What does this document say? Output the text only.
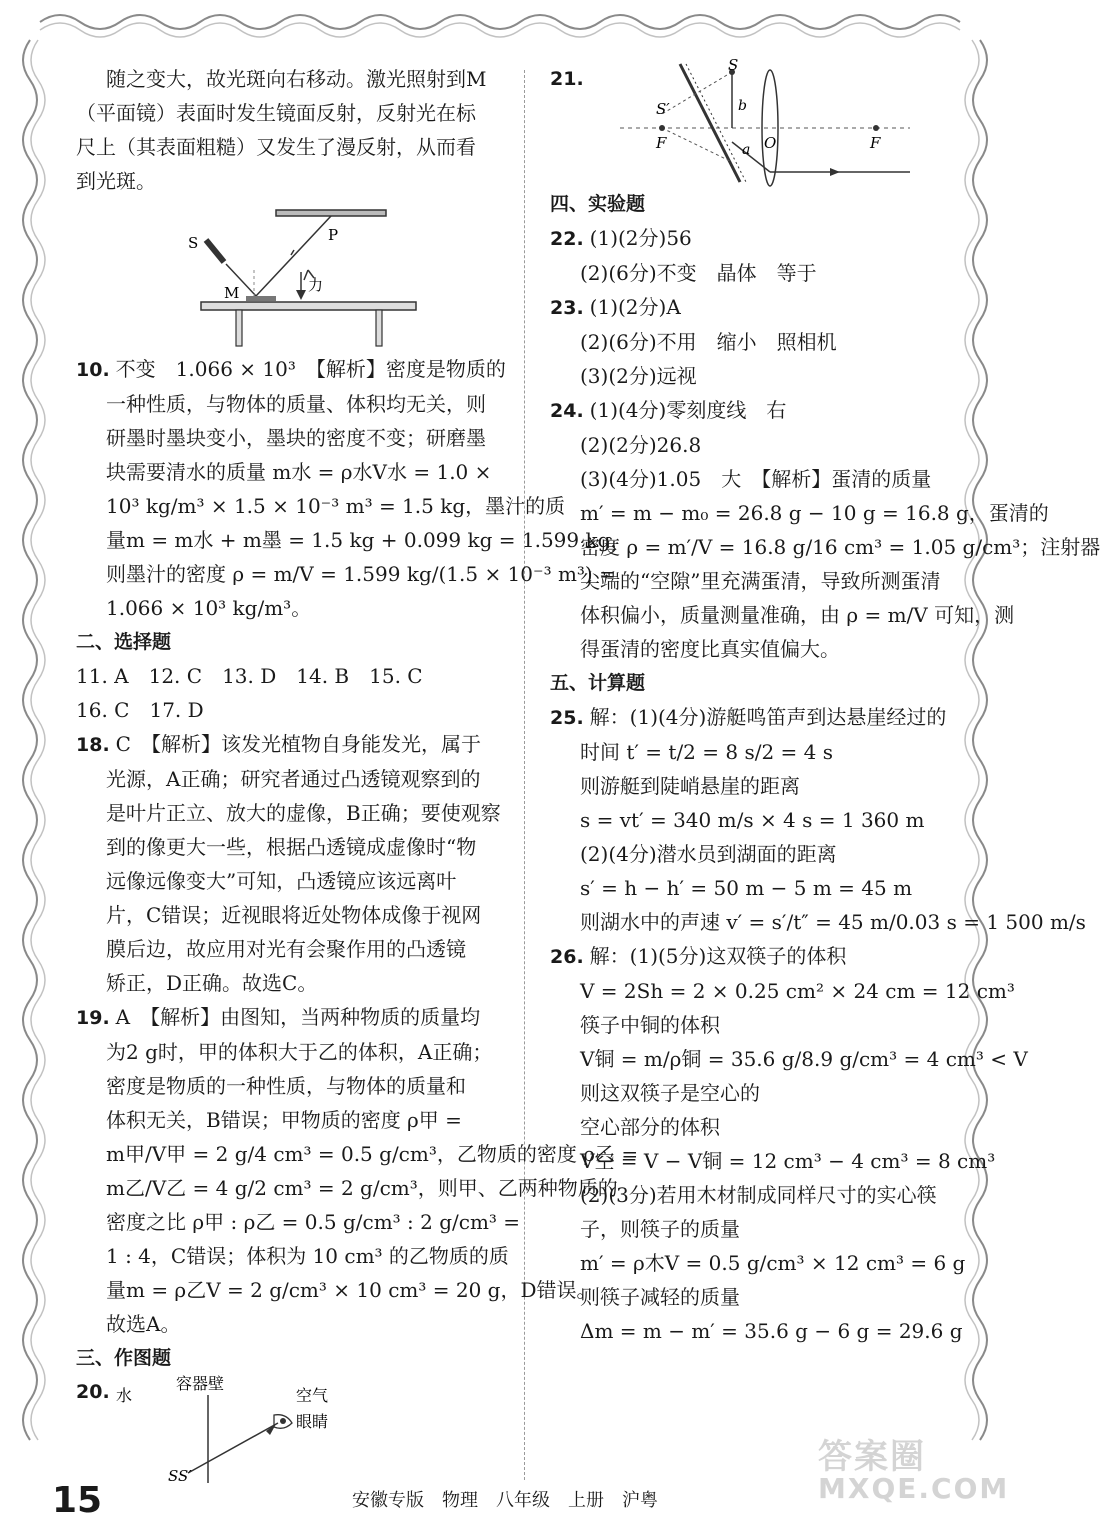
随之变大，故光斑向右移动。激光照射到M
（平面镜）表面时发生镜面反射，反射光在标
尺上（其表面粗糙）又发生了漫反射，从而看
到光斑。
S
M
P
力
10. 不变　1.066 × 10³　【解析】密度是物质的
一种性质，与物体的质量、体积均无关，则
研墨时墨块变小，墨块的密度不变；研磨墨
块需要清水的质量 m水 = ρ水V水 = 1.0 ×
10³ kg/m³ × 1.5 × 10⁻³ m³ = 1.5 kg，墨汁的质
量m = m水 + m墨 = 1.5 kg + 0.099 kg = 1.599 kg，
则墨汁的密度 ρ = m/V = 1.599 kg/(1.5 × 10⁻³ m³) =
1.066 × 10³ kg/m³。
二、选择题
11. A　12. C　13. D　14. B　15. C
16. C　17. D
18. C　【解析】该发光植物自身能发光，属于
光源，A正确；研究者通过凸透镜观察到的
是叶片正立、放大的虚像，B正确；要使观察
到的像更大一些，根据凸透镜成虚像时“物
远像远像变大”可知，凸透镜应该远离叶
片，C错误；近视眼将近处物体成像于视网
膜后边，故应用对光有会聚作用的凸透镜
矫正，D正确。故选C。
19. A　【解析】由图知，当两种物质的质量均
为2 g时，甲的体积大于乙的体积，A正确；
密度是物质的一种性质，与物体的质量和
体积无关，B错误；甲物质的密度 ρ甲 =
m甲/V甲 = 2 g/4 cm³ = 0.5 g/cm³，乙物质的密度 ρ乙 =
m乙/V乙 = 4 g/2 cm³ = 2 g/cm³，则甲、乙两种物质的
密度之比 ρ甲 : ρ乙 = 0.5 g/cm³ : 2 g/cm³ =
1 : 4，C错误；体积为 10 cm³ 的乙物质的质
量m = ρ乙V = 2 g/cm³ × 10 cm³ = 20 g，D错误。
故选A。
三、作图题
20. 水
容器壁
空气
眼睛
SS′
21.
S
S′
F	O	F
a
b
四、实验题
22. (1)(2分)56
(2)(6分)不变　晶体　等于
23. (1)(2分)A
(2)(6分)不用　缩小　照相机
(3)(2分)远视
24. (1)(4分)零刻度线　右
(2)(2分)26.8
(3)(4分)1.05　大　【解析】蛋清的质量
m′ = m − m₀ = 26.8 g − 10 g = 16.8 g，蛋清的
密度 ρ = m′/V = 16.8 g/16 cm³ = 1.05 g/cm³；注射器
尖端的“空隙”里充满蛋清，导致所测蛋清
体积偏小，质量测量准确，由 ρ = m/V 可知，测
得蛋清的密度比真实值偏大。
五、计算题
25. 解：(1)(4分)游艇鸣笛声到达悬崖经过的
时间 t′ = t/2 = 8 s/2 = 4 s
则游艇到陡峭悬崖的距离
s = vt′ = 340 m/s × 4 s = 1 360 m
(2)(4分)潜水员到湖面的距离
s′ = h − h′ = 50 m − 5 m = 45 m
则湖水中的声速 v′ = s′/t″ = 45 m/0.03 s = 1 500 m/s
26. 解：(1)(5分)这双筷子的体积
V = 2Sh = 2 × 0.25 cm² × 24 cm = 12 cm³
筷子中铜的体积
V铜 = m/ρ铜 = 35.6 g/8.9 g/cm³ = 4 cm³ < V
则这双筷子是空心的
空心部分的体积
V空 = V − V铜 = 12 cm³ − 4 cm³ = 8 cm³
(2)(3分)若用木材制成同样尺寸的实心筷
子，则筷子的质量
m′ = ρ木V = 0.5 g/cm³ × 12 cm³ = 6 g
则筷子减轻的质量
Δm = m − m′ = 35.6 g − 6 g = 29.6 g
答案圈
MXQE.COM
15	安徽专版　物理　八年级　上册　沪粤
